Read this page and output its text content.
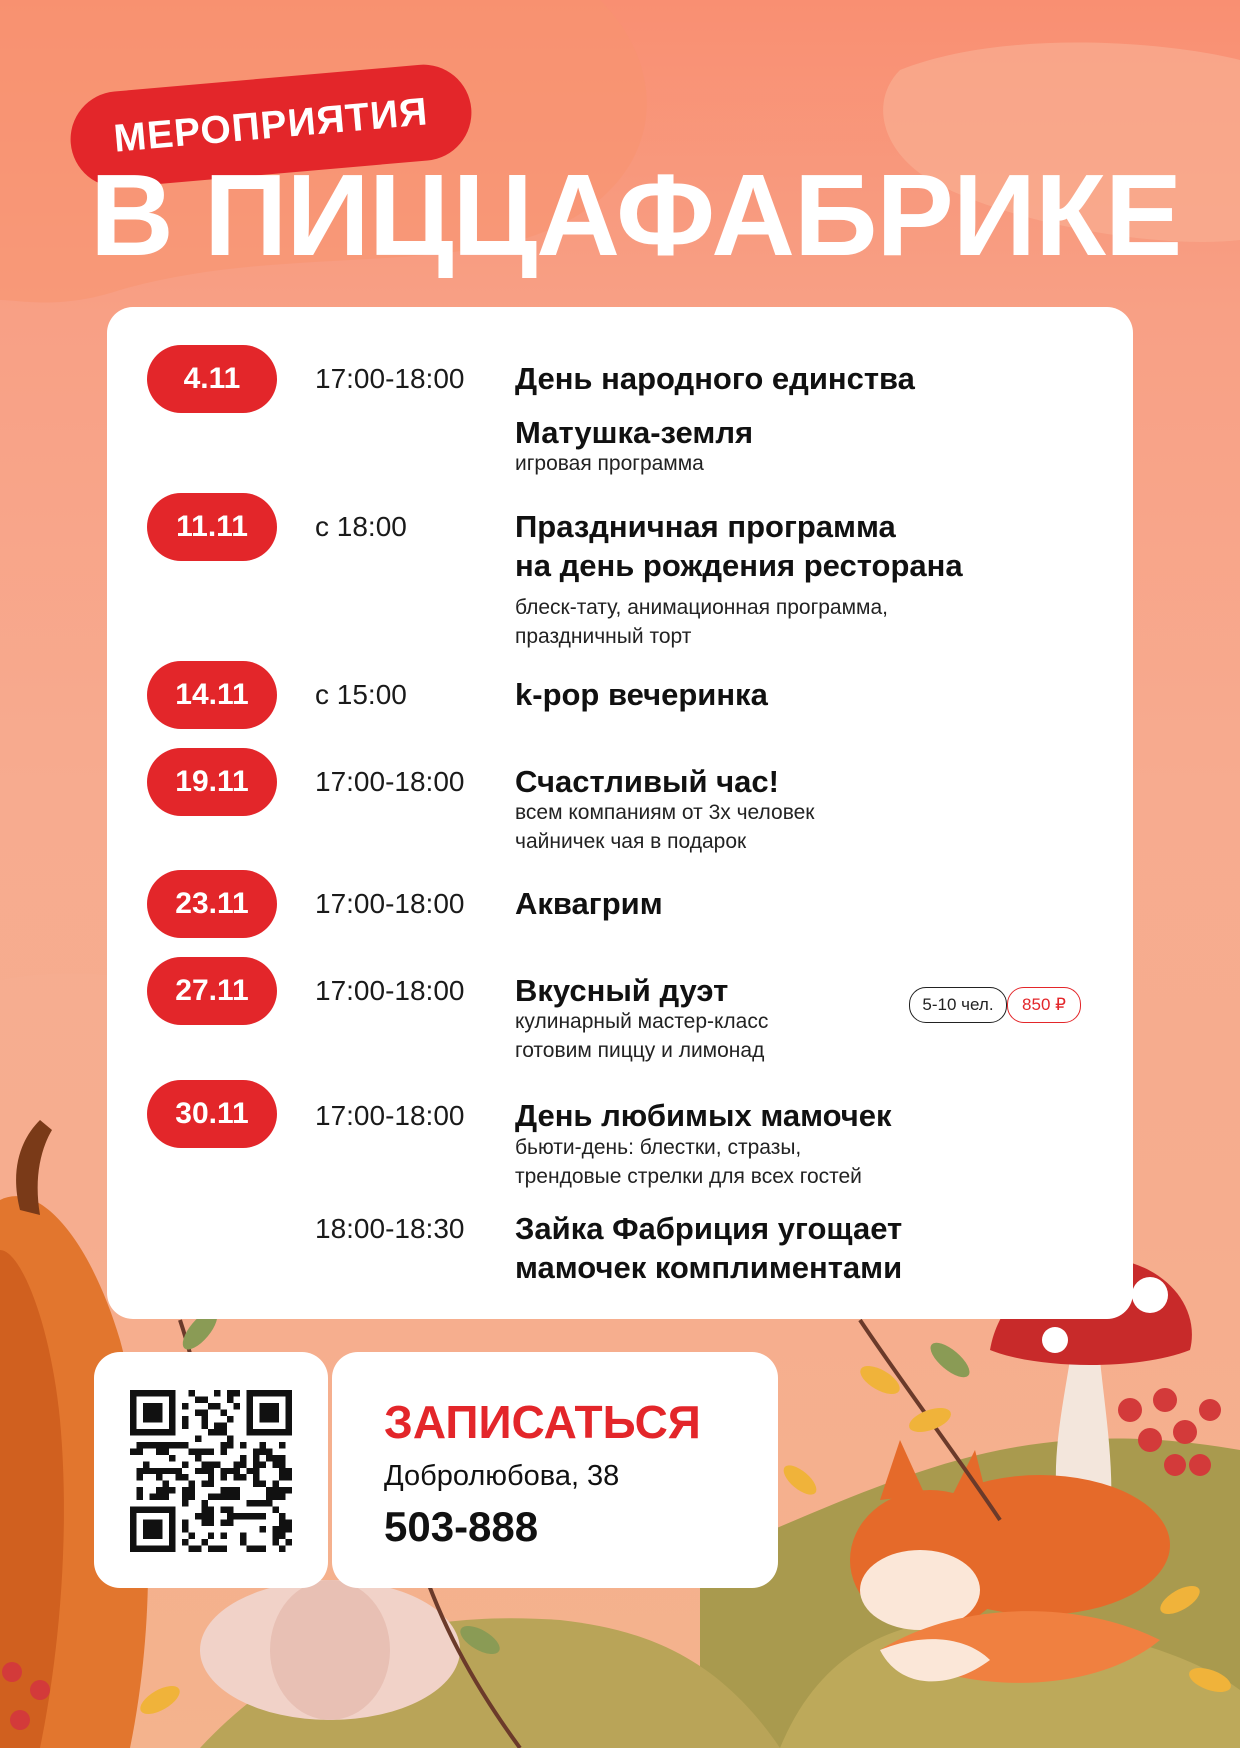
МЕРОПРИЯТИЯ
В ПИЦЦАФАБРИКЕ
4.11	17:00-18:00 День народного единства
Матушка-земля
игровая программа
11.11	с 18:00	Праздничная программа
на день рождения ресторана
блеск-тату, анимационная программа,
праздничный торт
14.11	с 15:00	k-pop вечеринка
19.11	17:00-18:00 Счастливый час!
всем компаниям от 3х человек
чайничек чая в подарок
23.11	17:00-18:00 Аквагрим
27.11	17:00-18:00 Вкусный дуэт
кулинарный мастер-класс
готовим пиццу и лимонад
5-10 чел.	850 ₽
30.11	17:00-18:00 День любимых мамочек
бьюти-день: блестки, стразы,
трендовые стрелки для всех гостей
18:00-18:30 Зайка Фабриция угощает
мамочек комплиментами
ЗАПИСАТЬСЯ
Добролюбова, 38
503-888
